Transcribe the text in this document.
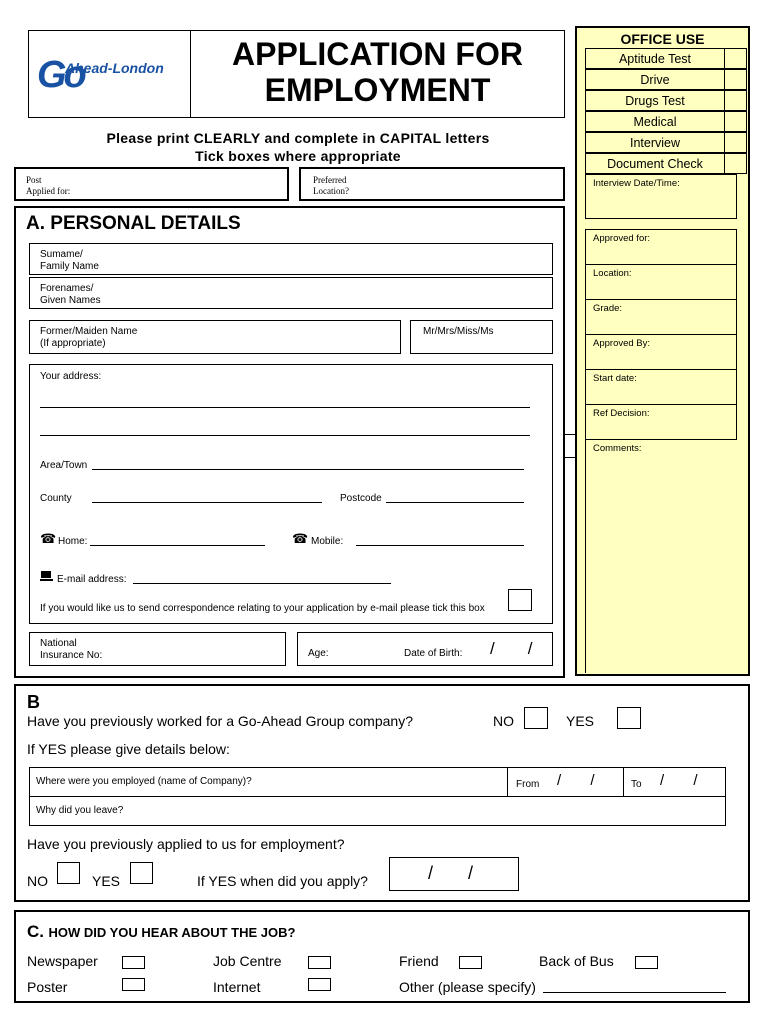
Go
Ahead-London	APPLICATION FOR
EMPLOYMENT
Please print CLEARLY and complete in CAPITAL letters
Tick boxes where appropriate
Post
Applied for:
Preferred
Location?
A. PERSONAL DETAILS
Sumame/
Family Name
Forenames/
Given Names
Former/Maiden Name
(If appropriate)
Mr/Mrs/Miss/Ms
Your address:
Area/Town
County	Postcode
☎ Home:	☎ Mobile:
E-mail address:
If you would like us to send correspondence relating to your application by e-mail please tick this box
National
Insurance No:	Age:	Date of Birth: /       /
OFFICE USE
Aptitude Test
Drive
Drugs Test
Medical
Interview
Document Check
Interview Date/Time:
Approved for:
Location:
Grade:
Approved By:
Start date:
Ref Decision:
Comments:
B
Have you previously worked for a Go-Ahead Group company?	NO	YES
If YES please give details below:
Where were you employed (name of Company)?	From /       /	To /       /
Why did you leave?
Have you previously applied to us for employment?
NO	YES	If YES when did you apply?	/       /
C. HOW DID YOU HEAR ABOUT THE JOB?
Newspaper	Job Centre	Friend	Back of Bus
Poster	Internet	Other (please specify)
